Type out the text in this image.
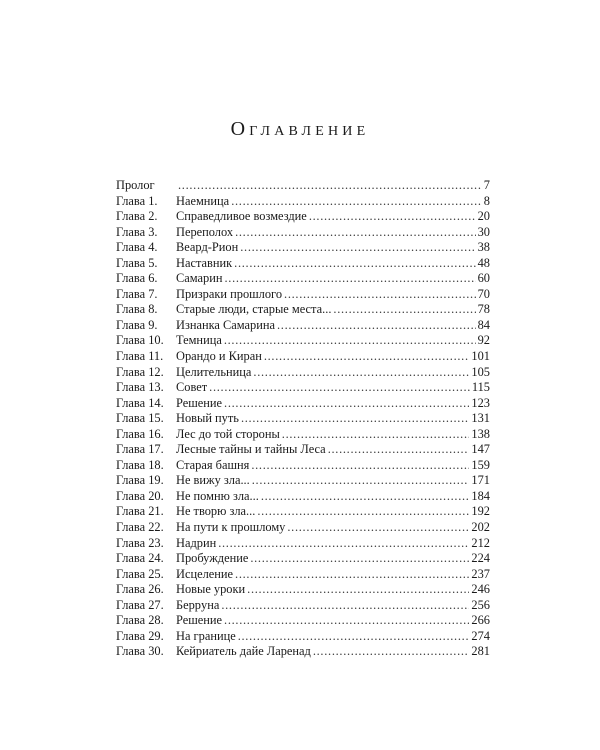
Оглавление
Пролог . . .	7
Глава 1.	Наемница . . .	8
Глава 2.	Справедливое возмездие . . .	20
Глава 3.	Переполох . . .	30
Глава 4.	Веард-Рион . . .	38
Глава 5.	Наставник . . .	48
Глава 6.	Самарин . . .	60
Глава 7.	Призраки прошлого . . .	70
Глава 8.	Старые люди, старые места... . . .	78
Глава 9.	Изнанка Самарина . . .	84
Глава 10. Темница . . .	92
Глава 11.	Орандо и Киран . . .	101
Глава 12. Целительница . . .	105
Глава 13. Совет . . .	115
Глава 14. Решение . . .	123
Глава 15. Новый путь . . .	131
Глава 16. Лес до той стороны . . .	138
Глава 17. Лесные тайны и тайны Леса . . .	147
Глава 18. Старая башня . . .	159
Глава 19. Не вижу зла... . . .	171
Глава 20. Не помню зла... . . .	184
Глава 21. Не творю зла... . . .	192
Глава 22. На пути к прошлому . . .	202
Глава 23. Надрин . . .	212
Глава 24. Пробуждение . . .	224
Глава 25. Исцеление . . .	237
Глава 26. Новые уроки . . .	246
Глава 27. Беррyна . . .	256
Глава 28. Решение . . .	266
Глава 29. На границе . . .	274
Глава 30. Кейриатель дайе Ларенад . . .	281
